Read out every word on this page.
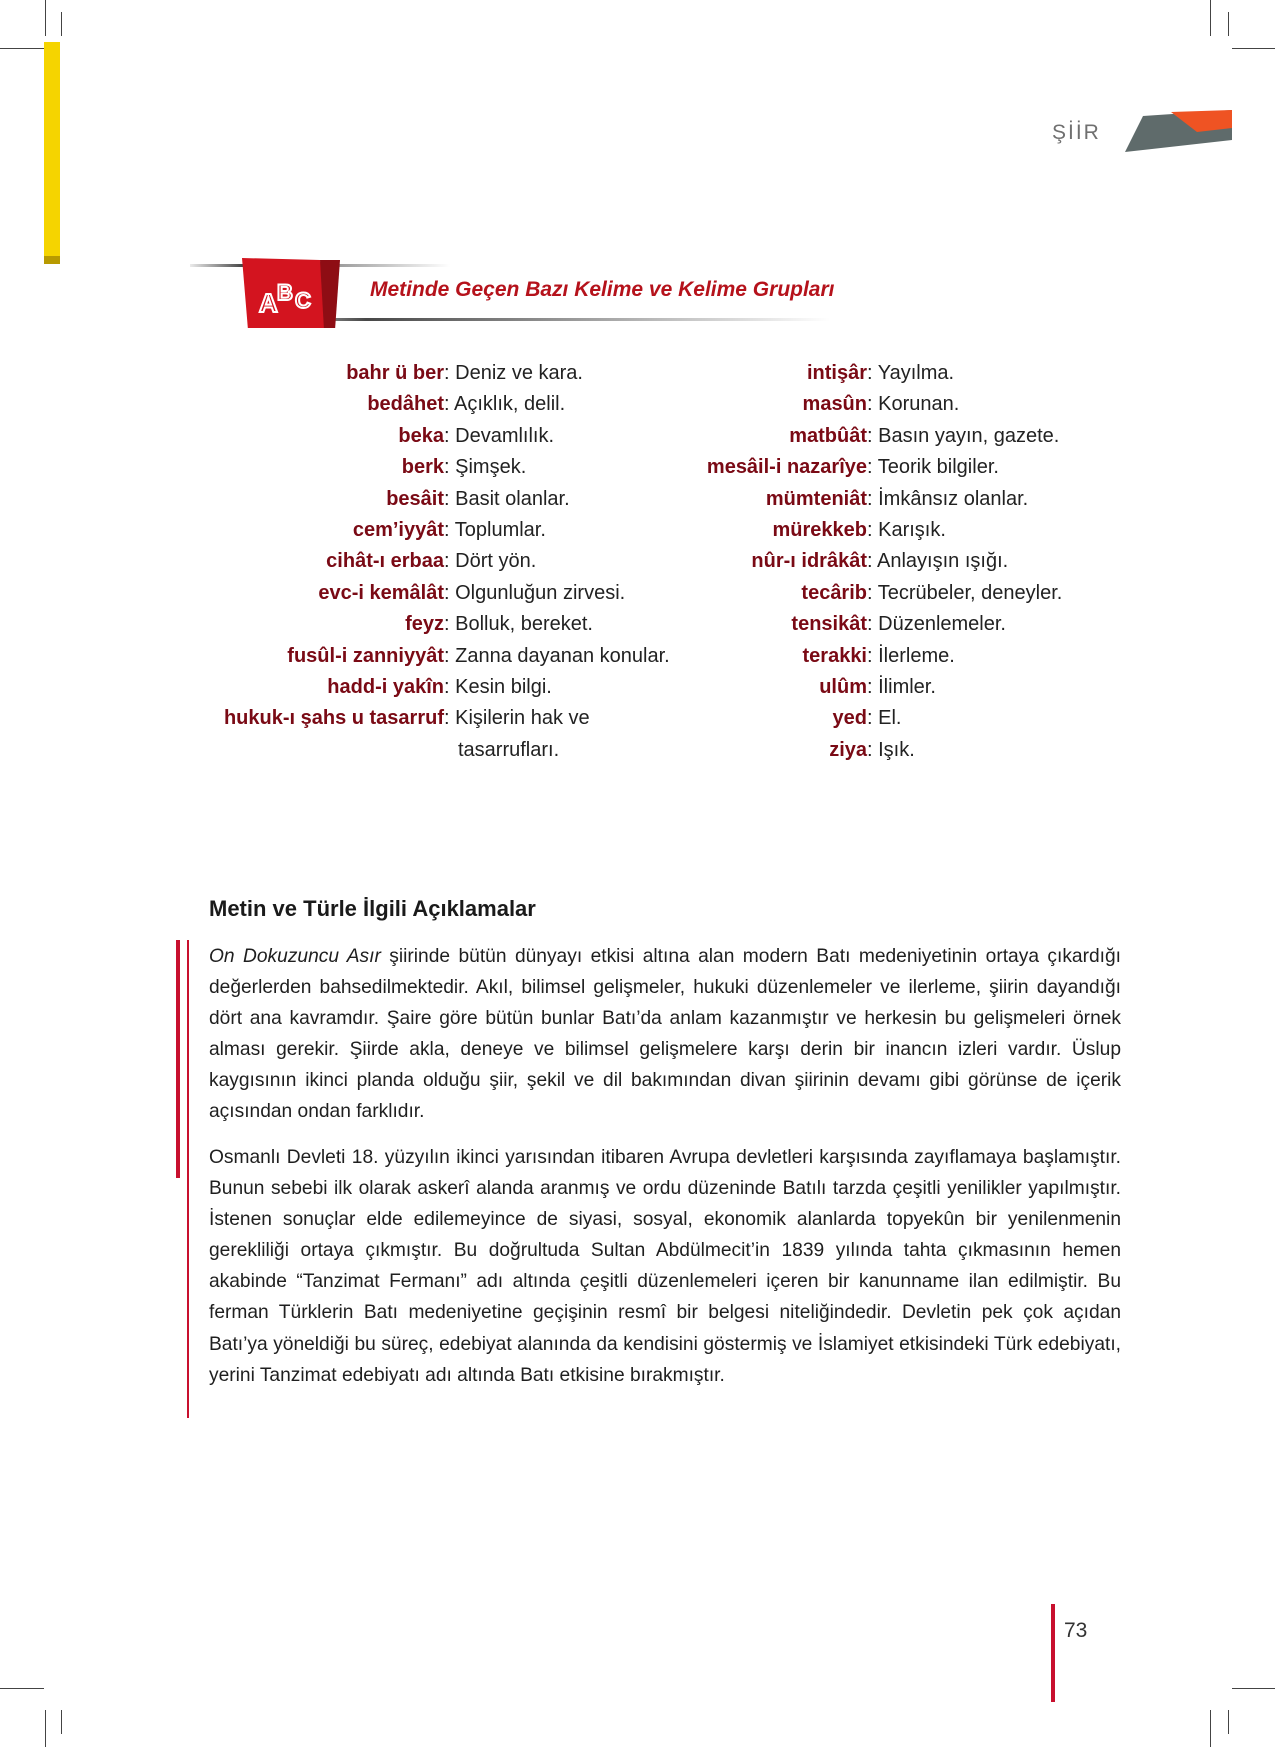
ŞİİR
A B C	Metinde Geçen Bazı Kelime ve Kelime Grupları
bahr ü ber : Deniz ve kara.
bedâhet : Açıklık, delil.
beka : Devamlılık.
berk : Şimşek.
besâit : Basit olanlar.
cem’iyyât : Toplumlar.
cihât-ı erbaa : Dört yön.
evc-i kemâlât : Olgunluğun zirvesi.
feyz : Bolluk, bereket.
fusûl-i zanniyyât : Zanna dayanan konular.
hadd-i yakîn : Kesin bilgi.
hukuk-ı şahs u tasarruf : Kişilerin hak ve
tasarrufları.
intişâr : Yayılma.
masûn : Korunan.
matbûât : Basın yayın, gazete.
mesâil-i nazarîye : Teorik bilgiler.
mümteniât : İmkânsız olanlar.
mürekkeb : Karışık.
nûr-ı idrâkât : Anlayışın ışığı.
tecârib : Tecrübeler, deneyler.
tensikât : Düzenlemeler.
terakki : İlerleme.
ulûm : İlimler.
yed : El.
ziya : Işık.
Metin ve Türle İlgili Açıklamalar

On Dokuzuncu Asır şiirinde bütün dünyayı etkisi altına alan modern Batı medeniyetinin ortaya çıkardığı değerlerden bahsedilmektedir. Akıl, bilimsel gelişmeler, hukuki düzenlemeler ve ilerleme, şiirin dayandığı dört ana kavramdır. Şaire göre bütün bunlar Batı’da anlam kazanmıştır ve herkesin bu gelişmeleri örnek alması gerekir. Şiirde akla, deneye ve bilimsel gelişmelere karşı derin bir inancın izleri vardır. Üslup kaygısının ikinci planda olduğu şiir, şekil ve dil bakımından divan şiirinin devamı gibi görünse de içerik açısından ondan farklıdır.

Osmanlı Devleti 18. yüzyılın ikinci yarısından itibaren Avrupa devletleri karşısında zayıflamaya başlamıştır. Bunun sebebi ilk olarak askerî alanda aranmış ve ordu düzeninde Batılı tarzda çeşitli yenilikler yapılmıştır. İstenen sonuçlar elde edilemeyince de siyasi, sosyal, ekonomik alanlarda topyekûn bir yenilenmenin gerekliliği ortaya çıkmıştır. Bu doğrultuda Sultan Abdülmecit’in 1839 yılında tahta çıkmasının hemen akabinde “Tanzimat Fermanı” adı altında çeşitli düzenlemeleri içeren bir kanunname ilan edilmiştir. Bu ferman Türklerin Batı medeniyetine geçişinin resmî bir belgesi niteliğindedir. Devletin pek çok açıdan Batı’ya yöneldiği bu süreç, edebiyat alanında da kendisini göstermiş ve İslamiyet etkisindeki Türk edebiyatı, yerini Tanzimat edebiyatı adı altında Batı etkisine bırakmıştır.

73
